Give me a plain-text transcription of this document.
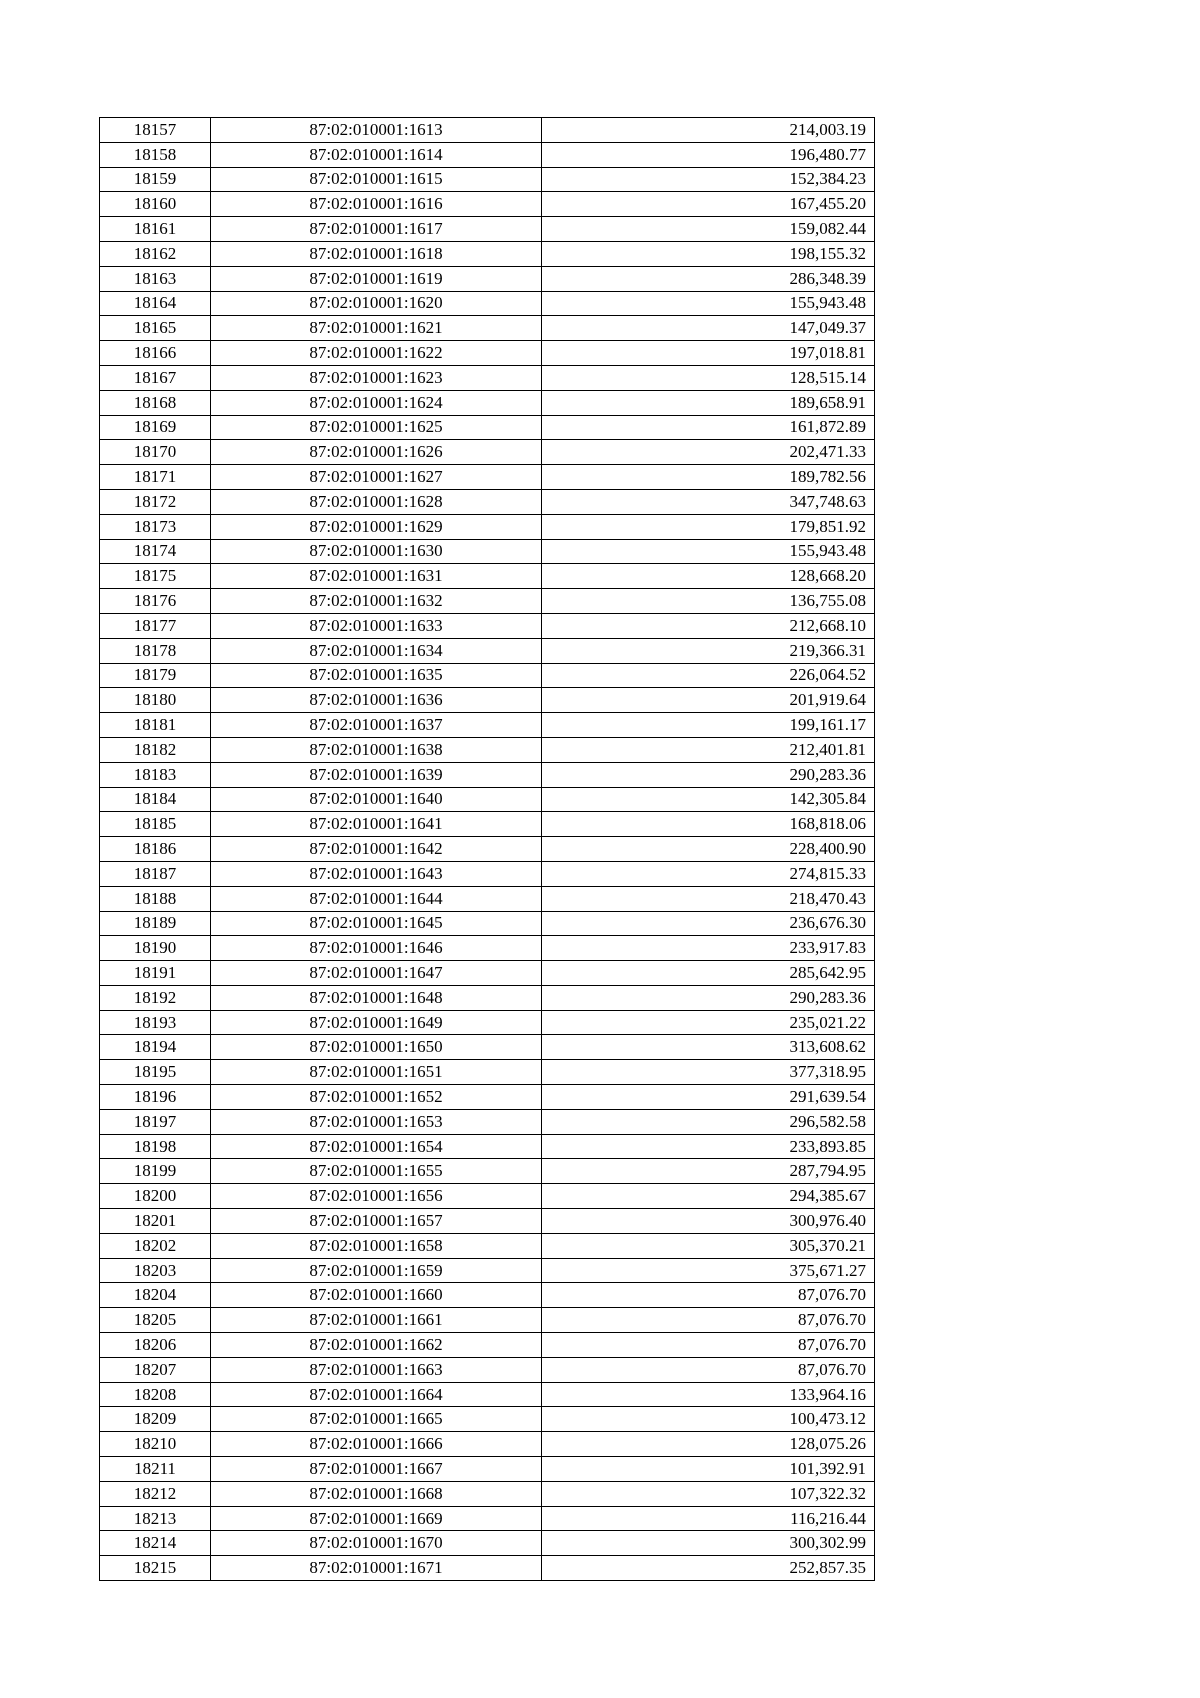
18157	87:02:010001:1613	214,003.19
18158	87:02:010001:1614	196,480.77
18159	87:02:010001:1615	152,384.23
18160	87:02:010001:1616	167,455.20
18161	87:02:010001:1617	159,082.44
18162	87:02:010001:1618	198,155.32
18163	87:02:010001:1619	286,348.39
18164	87:02:010001:1620	155,943.48
18165	87:02:010001:1621	147,049.37
18166	87:02:010001:1622	197,018.81
18167	87:02:010001:1623	128,515.14
18168	87:02:010001:1624	189,658.91
18169	87:02:010001:1625	161,872.89
18170	87:02:010001:1626	202,471.33
18171	87:02:010001:1627	189,782.56
18172	87:02:010001:1628	347,748.63
18173	87:02:010001:1629	179,851.92
18174	87:02:010001:1630	155,943.48
18175	87:02:010001:1631	128,668.20
18176	87:02:010001:1632	136,755.08
18177	87:02:010001:1633	212,668.10
18178	87:02:010001:1634	219,366.31
18179	87:02:010001:1635	226,064.52
18180	87:02:010001:1636	201,919.64
18181	87:02:010001:1637	199,161.17
18182	87:02:010001:1638	212,401.81
18183	87:02:010001:1639	290,283.36
18184	87:02:010001:1640	142,305.84
18185	87:02:010001:1641	168,818.06
18186	87:02:010001:1642	228,400.90
18187	87:02:010001:1643	274,815.33
18188	87:02:010001:1644	218,470.43
18189	87:02:010001:1645	236,676.30
18190	87:02:010001:1646	233,917.83
18191	87:02:010001:1647	285,642.95
18192	87:02:010001:1648	290,283.36
18193	87:02:010001:1649	235,021.22
18194	87:02:010001:1650	313,608.62
18195	87:02:010001:1651	377,318.95
18196	87:02:010001:1652	291,639.54
18197	87:02:010001:1653	296,582.58
18198	87:02:010001:1654	233,893.85
18199	87:02:010001:1655	287,794.95
18200	87:02:010001:1656	294,385.67
18201	87:02:010001:1657	300,976.40
18202	87:02:010001:1658	305,370.21
18203	87:02:010001:1659	375,671.27
18204	87:02:010001:1660	87,076.70
18205	87:02:010001:1661	87,076.70
18206	87:02:010001:1662	87,076.70
18207	87:02:010001:1663	87,076.70
18208	87:02:010001:1664	133,964.16
18209	87:02:010001:1665	100,473.12
18210	87:02:010001:1666	128,075.26
18211	87:02:010001:1667	101,392.91
18212	87:02:010001:1668	107,322.32
18213	87:02:010001:1669	116,216.44
18214	87:02:010001:1670	300,302.99
18215	87:02:010001:1671	252,857.35
